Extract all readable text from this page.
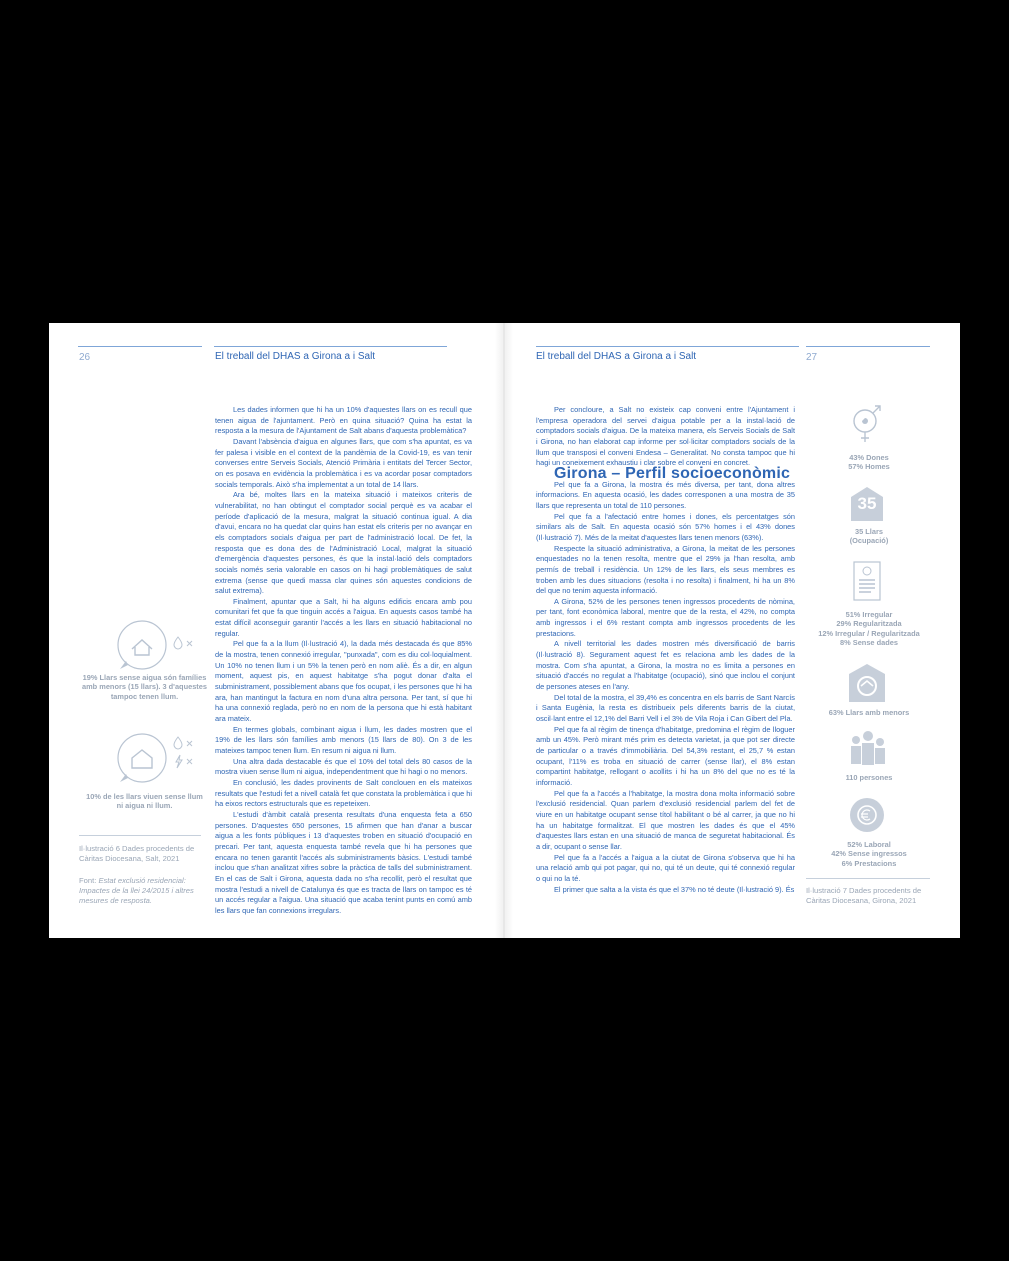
26	El treball del DHAS a Girona a i Salt
19% Llars sense aigua són famílies amb menors (15 llars). 3 d'aquestes tampoc tenen llum.
10% de les llars viuen sense llum ni aigua ni llum.
Il·lustració 6 Dades procedents de Càritas Diocesana, Salt, 2021
Font: Estat exclusió residencial: Impactes de la llei 24/2015 i altres mesures de resposta.

Les dades informen que hi ha un 10% d'aquestes llars on es recull que tenen aigua de l'ajuntament. Però en quina situació? Quina ha estat la resposta a la mesura de l'Ajuntament de Salt abans d'aquesta problemàtica?

Davant l'absència d'aigua en algunes llars, que com s'ha apuntat, es va fer palesa i visible en el context de la pandèmia de la Covid-19, es van tenir converses entre Serveis Socials, Atenció Primària i entitats del Tercer Sector, on es posava en evidència la problemàtica i es va acordar posar comptadors socials temporals. Això s'ha implementat a un total de 14 llars.

Ara bé, moltes llars en la mateixa situació i mateixos criteris de vulnerabilitat, no han obtingut el comptador social perquè es va acabar el període d'aplicació de la mesura, malgrat la situació continua igual. A dia d'avui, encara no ha quedat clar quins han estat els criteris per no avançar en els comptadors socials d'aigua per part de l'administració local. De fet, la resposta que es dona des de l'Administració Local, malgrat la situació d'emergència d'aquestes persones, és que la instal·lació dels comptadors socials només seria valorable en casos on hi hagi problemàtiques de salut extrema (sense que quedi massa clar quines són aquestes condicions de salut extrema).

Finalment, apuntar que a Salt, hi ha alguns edificis encara amb pou comunitari fet que fa que tinguin accés a l'aigua. En aquests casos també ha estat difícil aconseguir garantir l'accés a les llars en situació habitacional no regular.

Pel que fa a la llum (Il·lustració 4), la dada més destacada és que 85% de la mostra, tenen connexió irregular, "punxada", com es diu col·loquialment. Un 10% no tenen llum i un 5% la tenen però en nom aliè. És a dir, en algun moment, aquest pis, en aquest habitatge s'ha pogut donar d'alta el subministrament, possiblement abans que fos ocupat, i les persones que hi ha ara, han mantingut la factura en nom d'una altra persona. Per tant, sí que hi ha una connexió reglada, però no en nom de la persona que hi està habitant ara mateix.

En termes globals, combinant aigua i llum, les dades mostren que el 19% de les llars són famílies amb menors (15 llars de 80). On 3 de les mateixes tampoc tenen llum. En resum ni aigua ni llum.

Una altra dada destacable és que el 10% del total dels 80 casos de la mostra viuen sense llum ni aigua, independentment que hi hagi o no menors.

En conclusió, les dades provinents de Salt conclouen en els mateixos resultats que l'estudi fet a nivell català fet que constata la problemàtica i que hi ha eixos rectors estructurals que es repeteixen.

L'estudi d'àmbit català presenta resultats d'una enquesta feta a 650 persones. D'aquestes 650 persones, 15 afirmen que han d'anar a buscar aigua a les fonts públiques i 13 d'aquestes troben en situació d'ocupació en precari. Per tant, aquesta enquesta també revela que hi ha persones que encara no tenen garantit l'accés als subministraments bàsics. L'estudi també inclou que s'han analitzat xifres sobre la pràctica de talls del subministrament. En el cas de Salt i Girona, aquesta dada no s'ha recollit, però el resultat que mostra l'estudi a nivell de Catalunya és que es tracta de llars on tampoc es té un accés regular a l'aigua. Una situació que acaba tenint punts en comú amb les llars que fan connexions irregulars.

El treball del DHAS a Girona a i Salt	27

Per concloure, a Salt no existeix cap conveni entre l'Ajuntament i l'empresa operadora del servei d'aigua potable per a la instal·lació de comptadors socials d'aigua. De la mateixa manera, els Serveis Socials de Salt i Girona, no han elaborat cap informe per sol·licitar comptadors socials de la llum que transposi el conveni Endesa – Generalitat. No consta tampoc que hi hagi un coneixement exhaustiu i clar sobre el conveni en concret.

Girona – Perfil socioeconòmic

Pel que fa a Girona, la mostra és més diversa, per tant, dona altres informacions. En aquesta ocasió, les dades corresponen a una mostra de 35 llars que representa un total de 110 persones.

Pel que fa a l'afectació entre homes i dones, els percentatges són similars als de Salt. En aquesta ocasió són 57% homes i el 43% dones (Il·lustració 7). Més de la meitat d'aquestes llars tenen menors (63%).

Respecte la situació administrativa, a Girona, la meitat de les persones enquestades no la tenen resolta, mentre que el 29% ja l'han resolta, amb permís de treball i residència. Un 12% de les llars, els seus membres es troben amb les dues situacions (resolta i no resolta) i finalment, hi ha un 8% del que no tenim aquesta informació.

A Girona, 52% de les persones tenen ingressos procedents de nòmina, per tant, font econòmica laboral, mentre que de la resta, el 42%, no compta amb ingressos i el 6% restant compta amb ingressos procedents de les prestacions.

A nivell territorial les dades mostren més diversificació de barris (Il·lustració 8). Segurament aquest fet es relaciona amb les dades de la mostra. Com s'ha apuntat, a Girona, la mostra no es limita a persones en situació d'accés no regulat a l'habitatge (ocupació), sinó que inclou el conjunt de persones ateses en l'any.

Del total de la mostra, el 39,4% es concentra en els barris de Sant Narcís i Santa Eugènia, la resta es distribueix pels diferents barris de la ciutat, oscil·lant entre el 12,1% del Barri Vell i el 3% de Vila Roja i Can Gibert del Pla.

Pel que fa al règim de tinença d'habitatge, predomina el règim de lloguer amb un 45%. Però mirant més prim es detecta varietat, ja que pot ser directe de particular o a través d'immobiliària. Del 54,3% restant, el 25,7 % estan ocupant, l'11% es troba en situació de carrer (sense llar), el 8% estan compartint habitatge, rellogant o acollits i hi ha un 8% del que no es té la informació.

Pel que fa a l'accés a l'habitatge, la mostra dona molta informació sobre l'exclusió residencial. Quan parlem d'exclusió residencial parlem del fet de viure en un habitatge ocupant sense títol habilitant o bé al carrer, ja que no hi ha un habitatge formalitzat. El que mostren les dades és que el 45% d'aquestes llars estan en una situació de manca de seguretat habitacional. És a dir, ocupant o sense llar.

Pel que fa a l'accés a l'aigua a la ciutat de Girona s'observa que hi ha una relació amb qui pot pagar, qui no, qui té un deute, qui té connexió regular o qui no la té.

El primer que salta a la vista és que el 37% no té deute (Il·lustració 9). És

43% Dones
57% Homes
35
35 Llars
(Ocupació)
51% Irregular
29% Regularitzada
12% Irregular / Regularitzada
8% Sense dades
63% Llars amb menors
110 persones
52% Laboral
42% Sense ingressos
6% Prestacions
Il·lustració 7 Dades procedents de Càritas Diocesana, Girona, 2021
